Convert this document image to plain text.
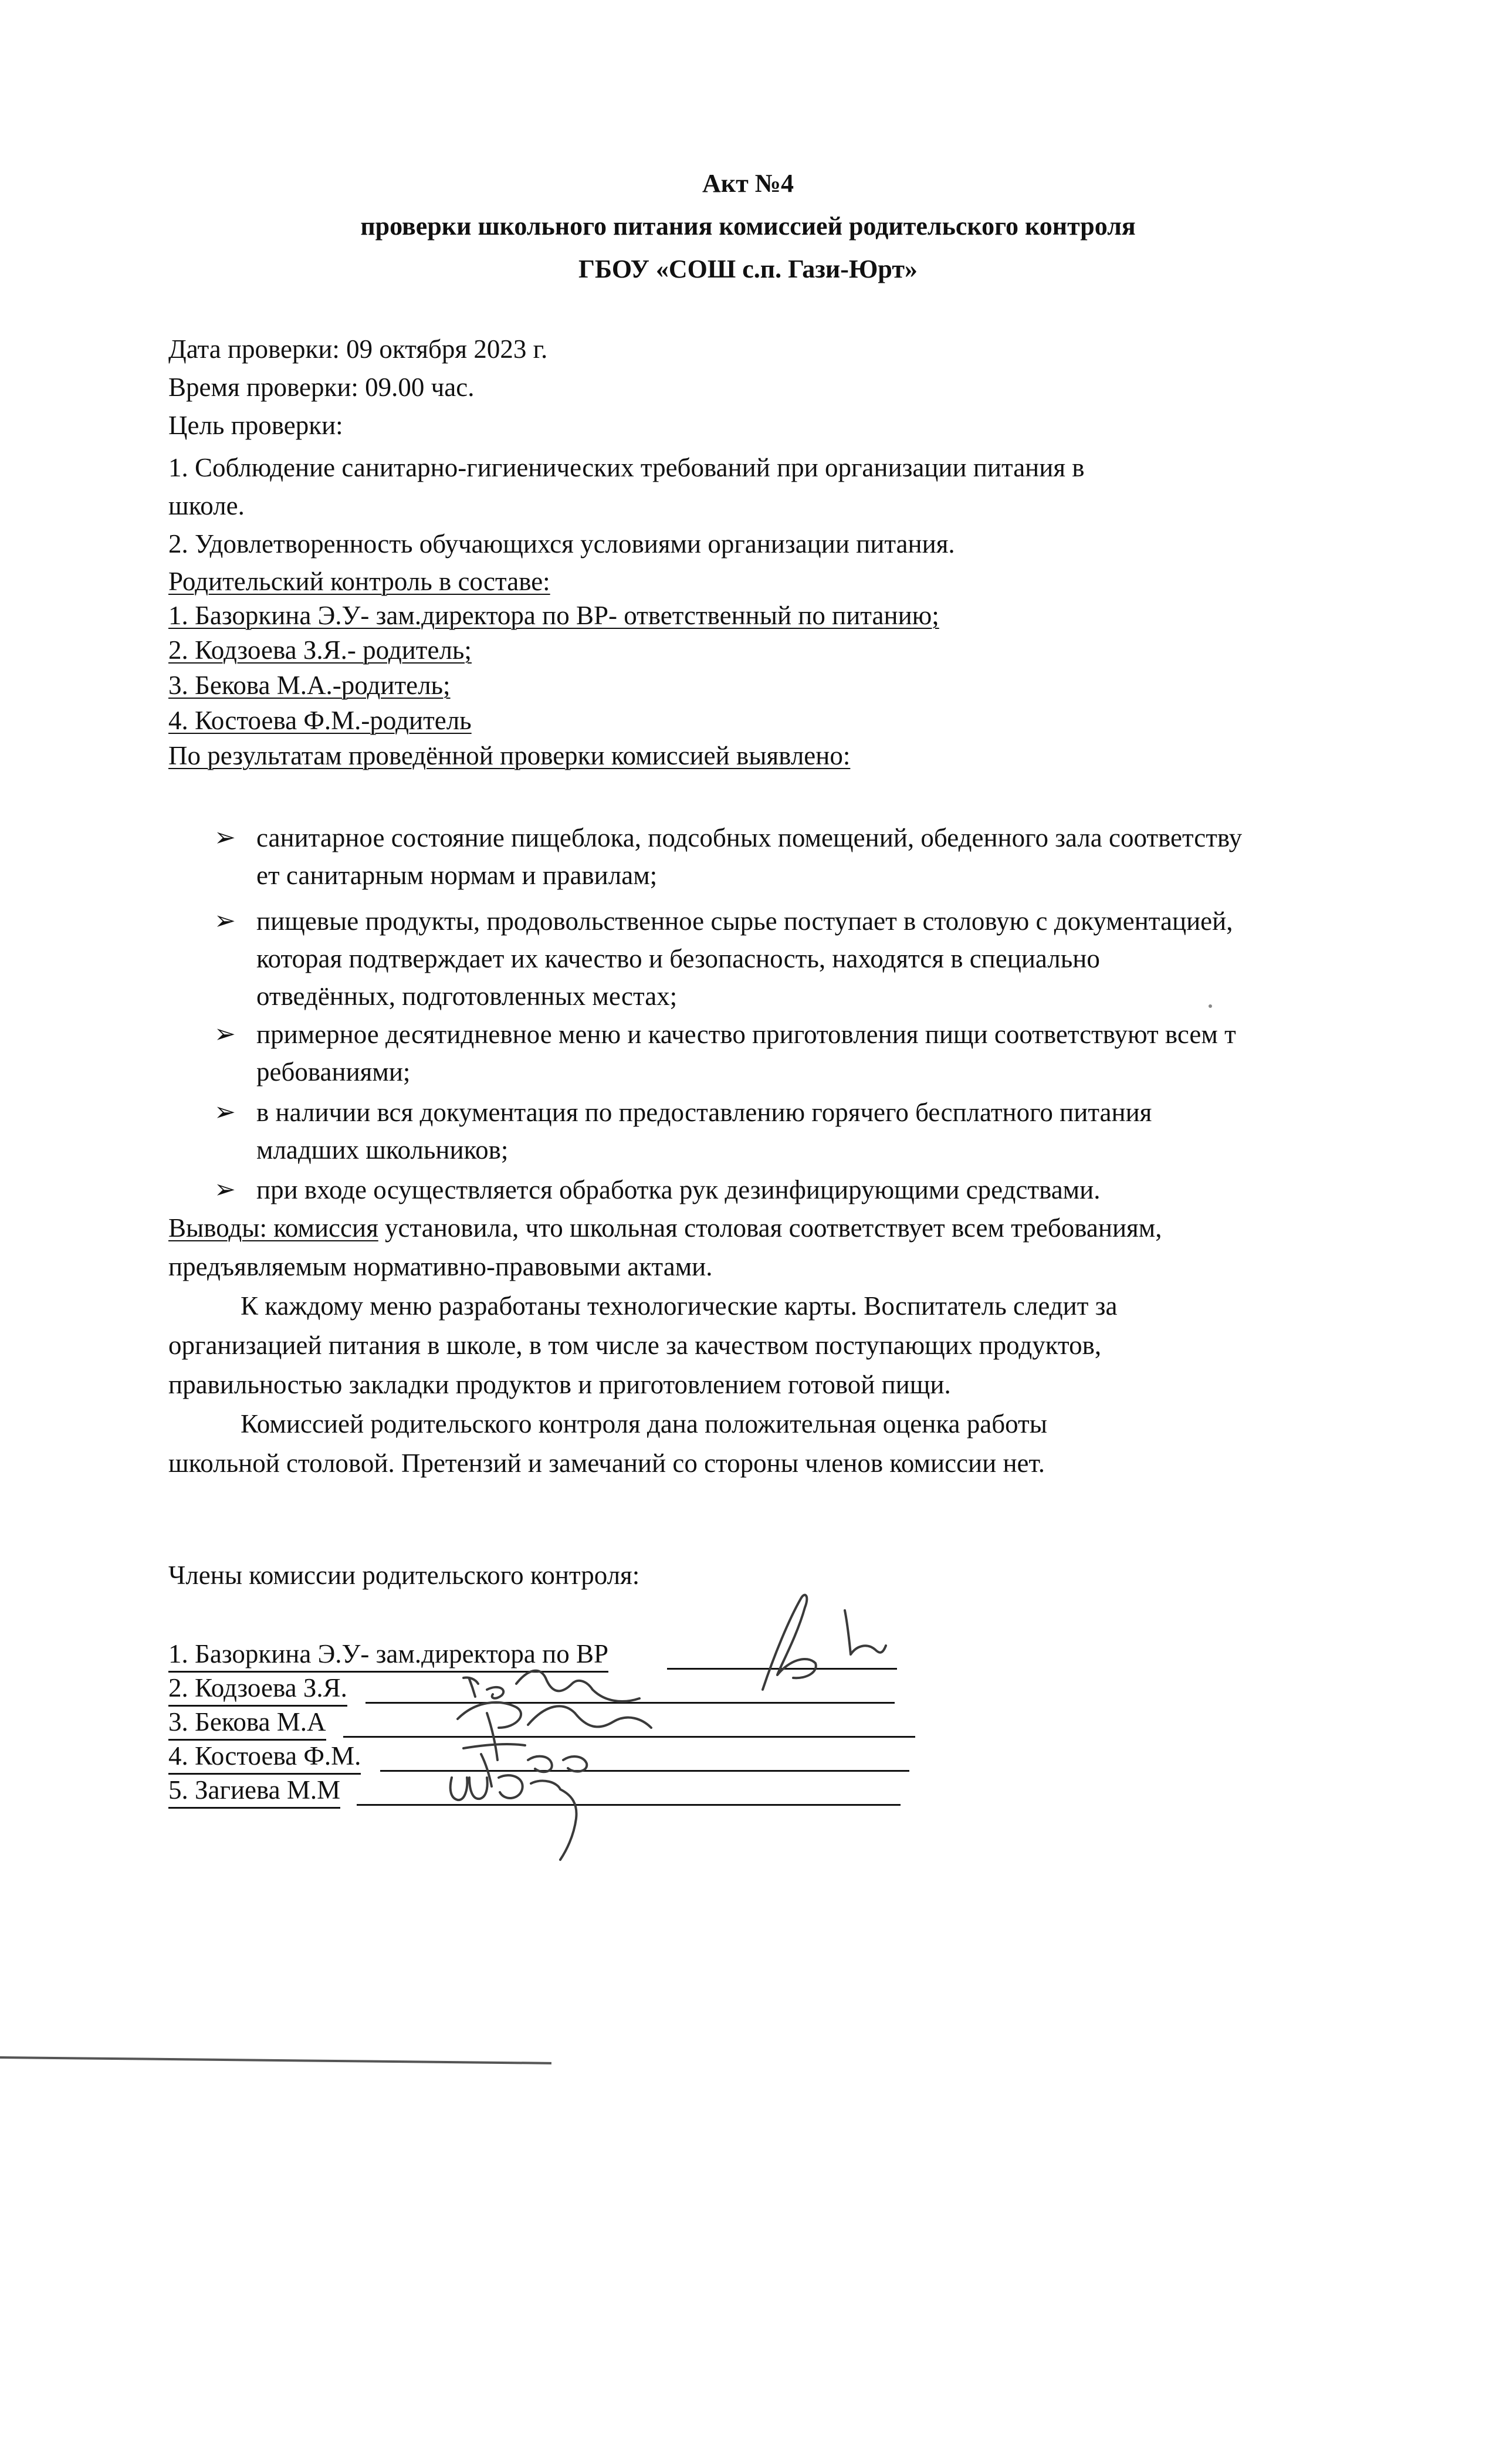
Акт №4
проверки школьного питания комиссией родительского контроля
ГБОУ «СОШ с.п. Гази-Юрт»
Дата проверки: 09 октября 2023 г.
Время проверки: 09.00 час.
Цель проверки:
1. Соблюдение санитарно-гигиенических требований при организации питания в
школе.
2. Удовлетворенность обучающихся условиями организации питания.
Родительский контроль в составе:
1. Базоркина Э.У- зам.директора по ВР- ответственный по питанию;
2. Кодзоева З.Я.- родитель;
3. Бекова М.А.-родитель;
4. Костоева Ф.М.-родитель
По результатам проведённой проверки комиссией выявлено:
➢ санитарное состояние пищеблока, подсобных помещений, обеденного зала соответству
ет санитарным нормам и правилам;
➢ пищевые продукты, продовольственное сырье поступает в столовую с документацией,
которая подтверждает их качество и безопасность, находятся в специально
отведённых, подготовленных местах;
➢ примерное десятидневное меню и качество приготовления пищи соответствуют всем т
ребованиями;
➢ в наличии вся документация по предоставлению горячего бесплатного питания
младших школьников;
➢ при входе осуществляется обработка рук дезинфицирующими средствами.
Выводы: комиссия установила, что школьная столовая соответствует всем требованиям,
предъявляемым нормативно-правовыми актами.
К каждому меню разработаны технологические карты. Воспитатель следит за
организацией питания в школе, в том числе за качеством поступающих продуктов,
правильностью закладки продуктов и приготовлением готовой пищи.
Комиссией родительского контроля дана положительная оценка работы
школьной столовой. Претензий и замечаний со стороны членов комиссии нет.
Члены комиссии родительского контроля:
1. Базоркина Э.У- зам.директора по ВР
2. Кодзоева З.Я.
3. Бекова М.А
4. Костоева Ф.М.
5. Загиева М.М
